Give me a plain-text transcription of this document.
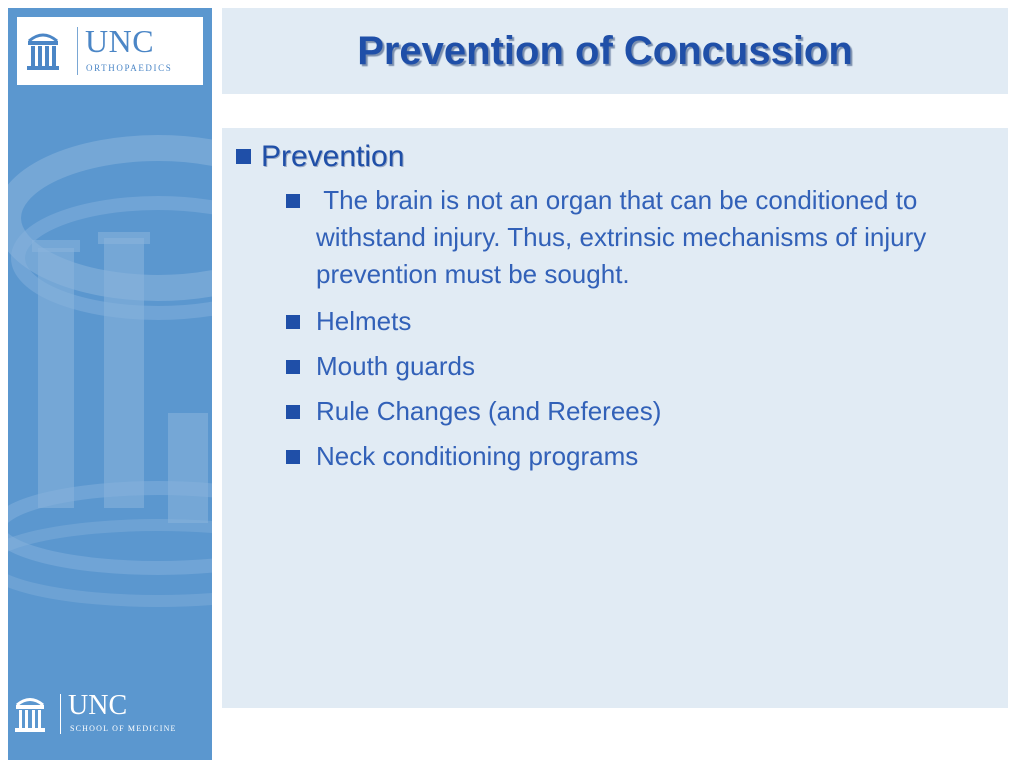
UNC
ORTHOPAEDICS
UNC
SCHOOL OF MEDICINE
Prevention of Concussion
Prevention
The brain is not an organ that can be conditioned to withstand injury. Thus, extrinsic mechanisms of injury prevention must be sought.
Helmets
Mouth guards
Rule Changes (and Referees)
Neck conditioning programs
